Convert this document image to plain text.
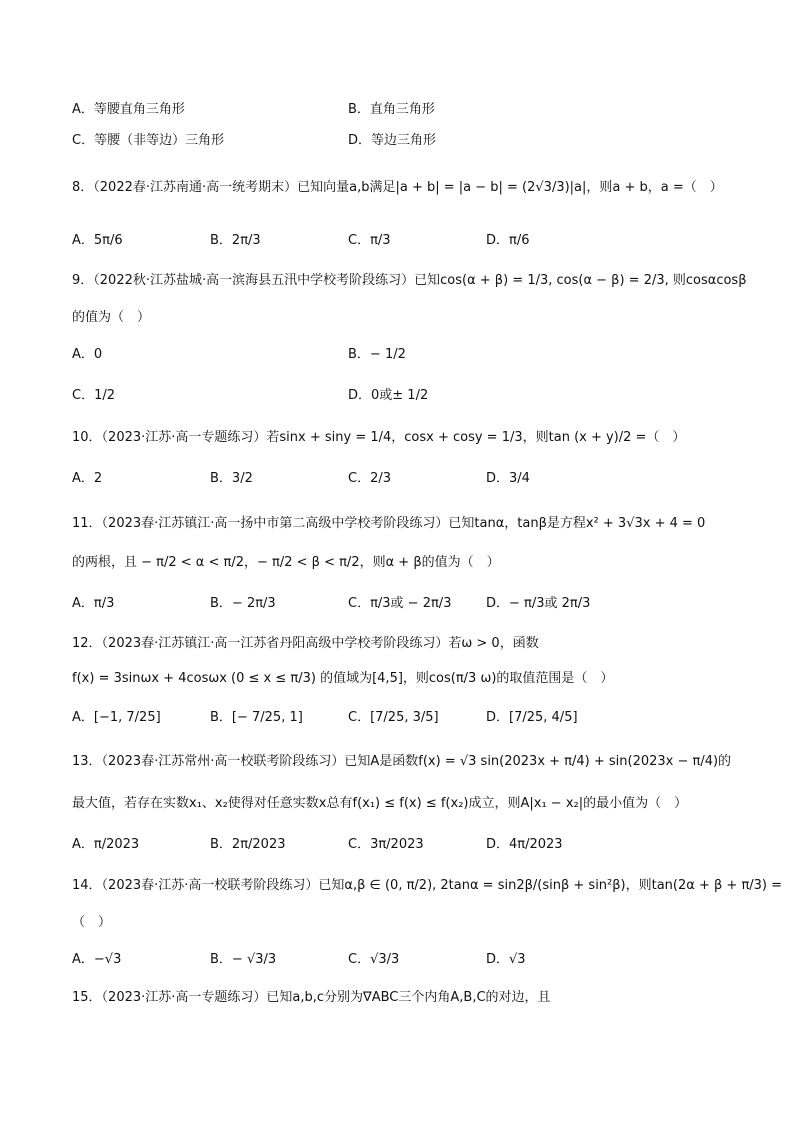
A．等腰直角三角形	B．直角三角形
C．等腰（非等边）三角形	D．等边三角形
8．（2022春·江苏南通·高一统考期末）已知向量a,b满足|a + b| = |a − b| = (2√3/3)|a|，则a + b，a =（　）
A．5π/6	B．2π/3	C．π/3	D．π/6
9．（2022秋·江苏盐城·高一滨海县五汛中学校考阶段练习）已知cos(α + β) = 1/3, cos(α − β) = 2/3, 则cosαcosβ
的值为（　）
A．0	B．− 1/2
C．1/2	D．0或± 1/2
10．（2023·江苏·高一专题练习）若sinx + siny = 1/4，cosx + cosy = 1/3，则tan (x + y)/2 =（　）
A．2	B．3/2	C．2/3	D．3/4
11．（2023春·江苏镇江·高一扬中市第二高级中学校考阶段练习）已知tanα，tanβ是方程x² + 3√3x + 4 = 0
的两根，且 − π/2 < α < π/2，− π/2 < β < π/2，则α + β的值为（　）
A．π/3	B．− 2π/3	C．π/3或 − 2π/3	D．− π/3或 2π/3
12．（2023春·江苏镇江·高一江苏省丹阳高级中学校考阶段练习）若ω > 0，函数
f(x) = 3sinωx + 4cosωx (0 ≤ x ≤ π/3) 的值域为[4,5]，则cos(π/3 ω)的取值范围是（　）
A．[−1, 7/25]	B．[− 7/25, 1]	C．[7/25, 3/5]	D．[7/25, 4/5]
13．（2023春·江苏常州·高一校联考阶段练习）已知A是函数f(x) = √3 sin(2023x + π/4) + sin(2023x − π/4)的
最大值，若存在实数x₁、x₂使得对任意实数x总有f(x₁) ≤ f(x) ≤ f(x₂)成立，则A|x₁ − x₂|的最小值为（　）
A．π/2023	B．2π/2023	C．3π/2023	D．4π/2023
14．（2023春·江苏·高一校联考阶段练习）已知α,β ∈ (0, π/2), 2tanα = sin2β/(sinβ + sin²β)，则tan(2α + β + π/3) =
（　）
A．−√3	B．− √3/3	C．√3/3	D．√3
15．（2023·江苏·高一专题练习）已知a,b,c分别为∇ABC三个内角A,B,C的对边，且
